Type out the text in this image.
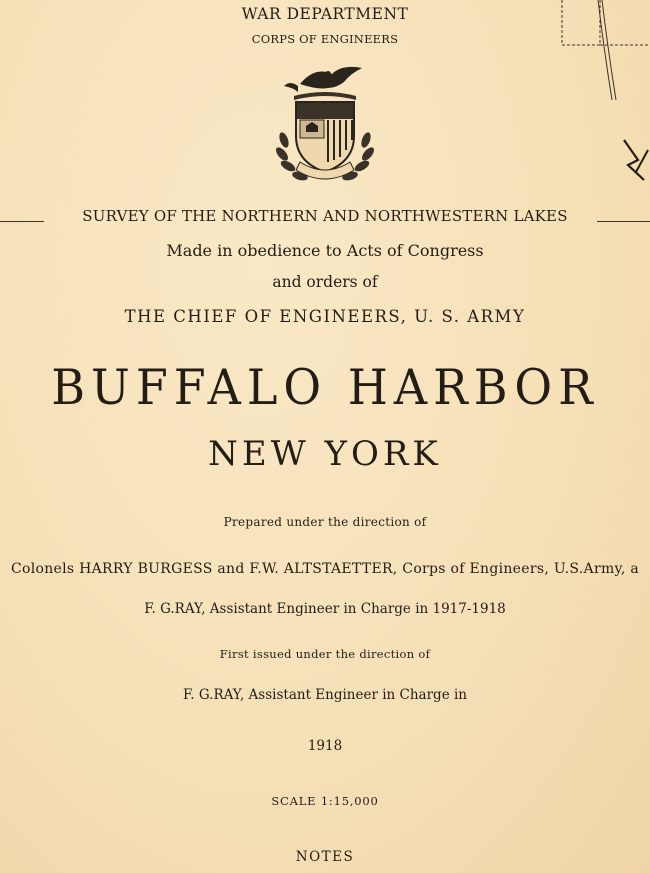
WAR DEPARTMENT
CORPS OF ENGINEERS
SURVEY OF THE NORTHERN AND NORTHWESTERN LAKES
Made in obedience to Acts of Congress
and orders of
THE CHIEF OF ENGINEERS, U. S. ARMY
BUFFALO HARBOR
NEW YORK
Prepared under the direction of
Colonels HARRY BURGESS and F.W. ALTSTAETTER, Corps of Engineers, U.S.Army, a
F. G.RAY, Assistant Engineer in Charge in 1917-1918
First issued under the direction of
F. G.RAY, Assistant Engineer in Charge in
1918
SCALE 1:15,000
NOTES
